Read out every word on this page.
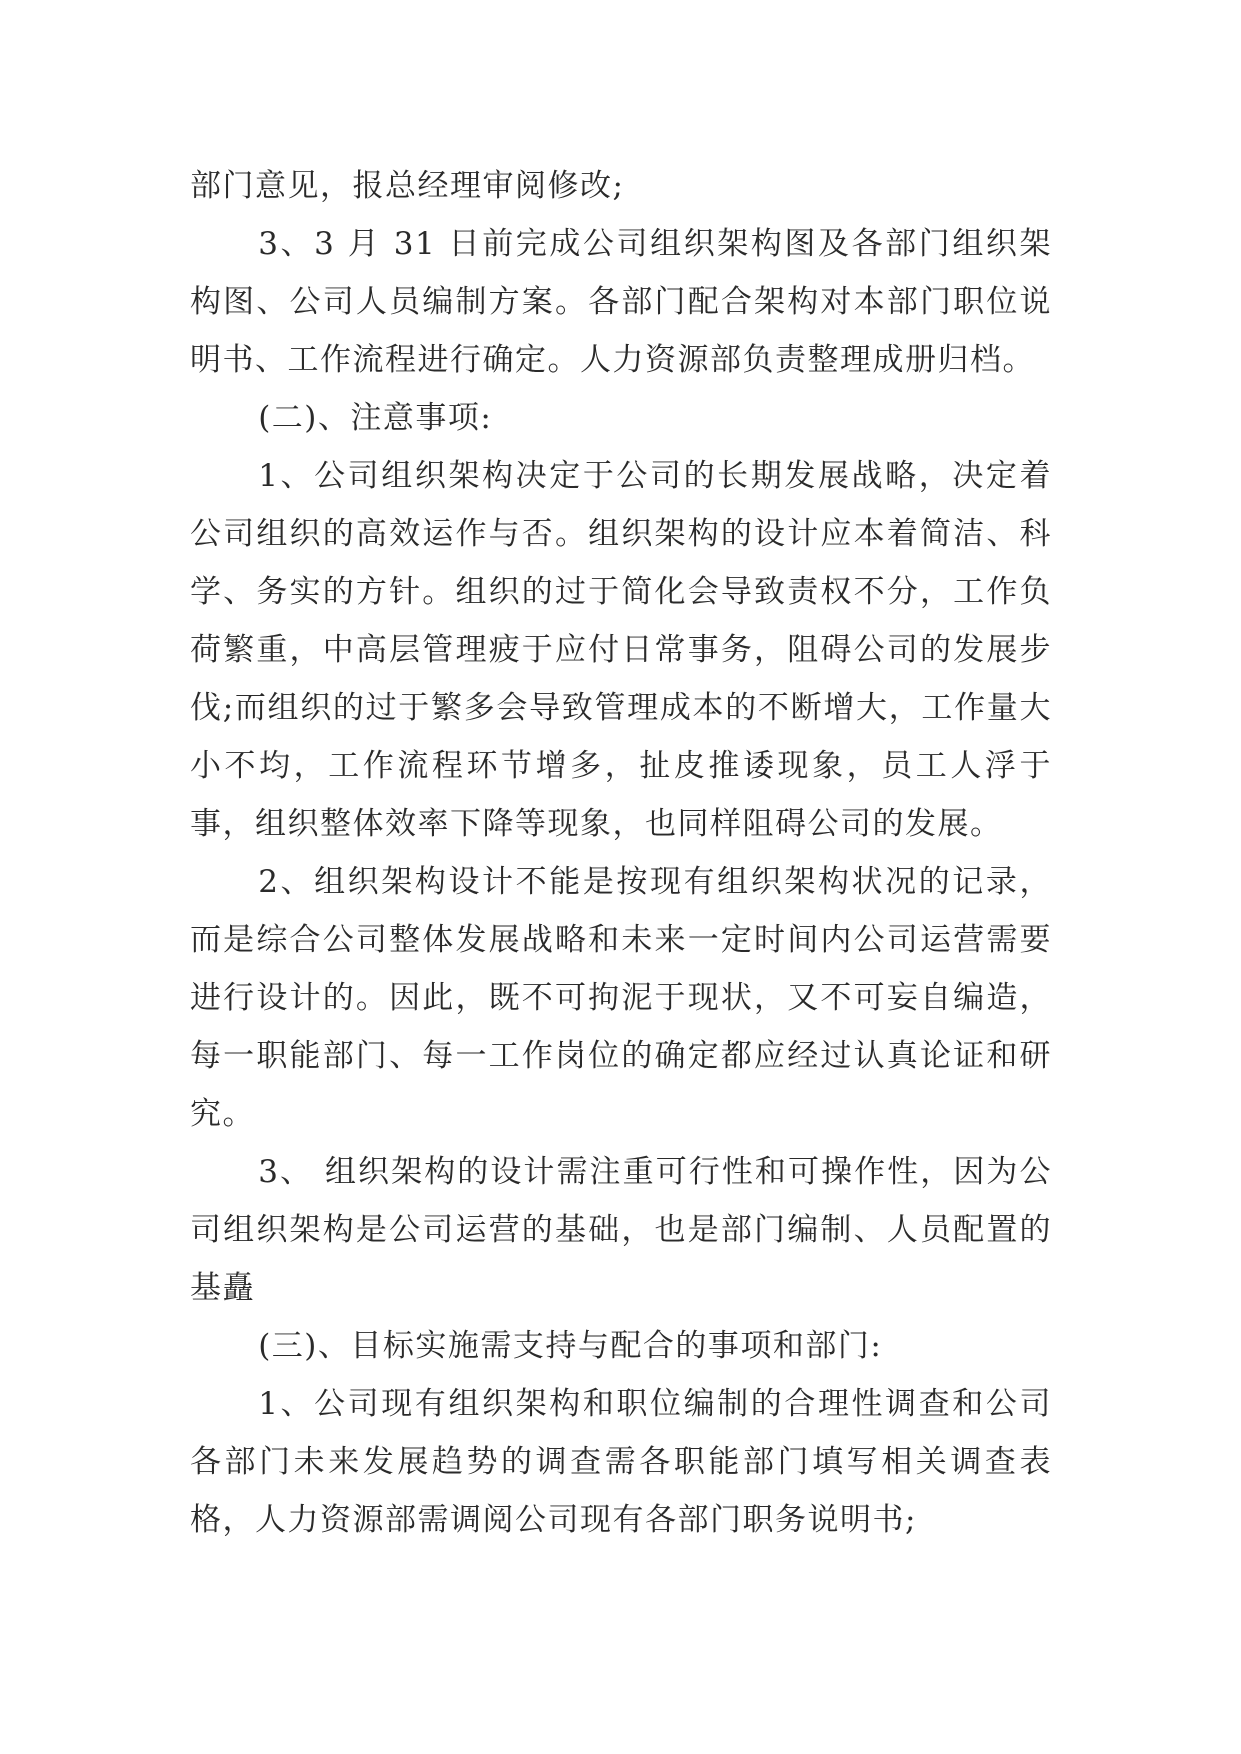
部门意见，报总经理审阅修改;

3、3 月 31 日前完成公司组织架构图及各部门组织架构图、公司人员编制方案。各部门配合架构对本部门职位说明书、工作流程进行确定。人力资源部负责整理成册归档。

(二)、注意事项:

1、公司组织架构决定于公司的长期发展战略，决定着公司组织的高效运作与否。组织架构的设计应本着简洁、科学、务实的方针。组织的过于简化会导致责权不分，工作负荷繁重，中高层管理疲于应付日常事务，阻碍公司的发展步伐;而组织的过于繁多会导致管理成本的不断增大，工作量大小不均，工作流程环节增多，扯皮推诿现象，员工人浮于事，组织整体效率下降等现象，也同样阻碍公司的发展。

2、组织架构设计不能是按现有组织架构状况的记录，而是综合公司整体发展战略和未来一定时间内公司运营需要进行设计的。因此，既不可拘泥于现状，又不可妄自编造，每一职能部门、每一工作岗位的确定都应经过认真论证和研究。

3、 组织架构的设计需注重可行性和可操作性，因为公司组织架构是公司运营的基础，也是部门编制、人员配置的基矗

(三)、目标实施需支持与配合的事项和部门:

1、公司现有组织架构和职位编制的合理性调查和公司各部门未来发展趋势的调查需各职能部门填写相关调查表格，人力资源部需调阅公司现有各部门职务说明书;
